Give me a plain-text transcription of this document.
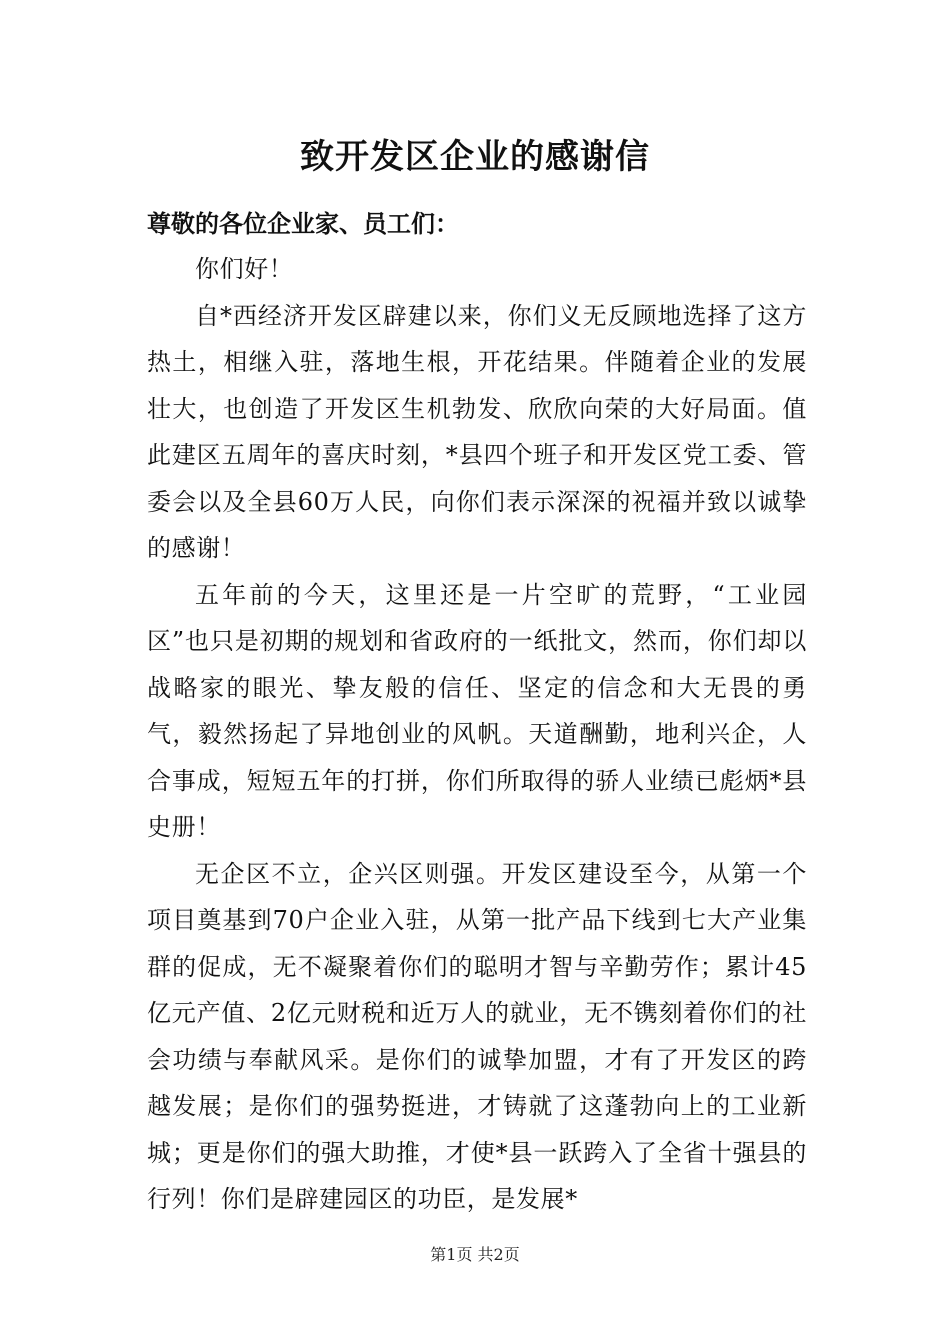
致开发区企业的感谢信
尊敬的各位企业家、员工们：

你们好！

自*西经济开发区辟建以来，你们义无反顾地选择了这方热土，相继入驻，落地生根，开花结果。伴随着企业的发展壮大，也创造了开发区生机勃发、欣欣向荣的大好局面。值此建区五周年的喜庆时刻，*县四个班子和开发区党工委、管委会以及全县60万人民，向你们表示深深的祝福并致以诚挚的感谢！

五年前的今天，这里还是一片空旷的荒野，“工业园区”也只是初期的规划和省政府的一纸批文，然而，你们却以战略家的眼光、挚友般的信任、坚定的信念和大无畏的勇气，毅然扬起了异地创业的风帆。天道酬勤，地利兴企，人合事成，短短五年的打拼，你们所取得的骄人业绩已彪炳*县史册！

无企区不立，企兴区则强。开发区建设至今，从第一个项目奠基到70户企业入驻，从第一批产品下线到七大产业集群的促成，无不凝聚着你们的聪明才智与辛勤劳作；累计45亿元产值、2亿元财税和近万人的就业，无不镌刻着你们的社会功绩与奉献风采。是你们的诚挚加盟，才有了开发区的跨越发展；是你们的强势挺进，才铸就了这蓬勃向上的工业新城；更是你们的强大助推，才使*县一跃跨入了全省十强县的行列！你们是辟建园区的功臣，是发展*

第1页 共2页
